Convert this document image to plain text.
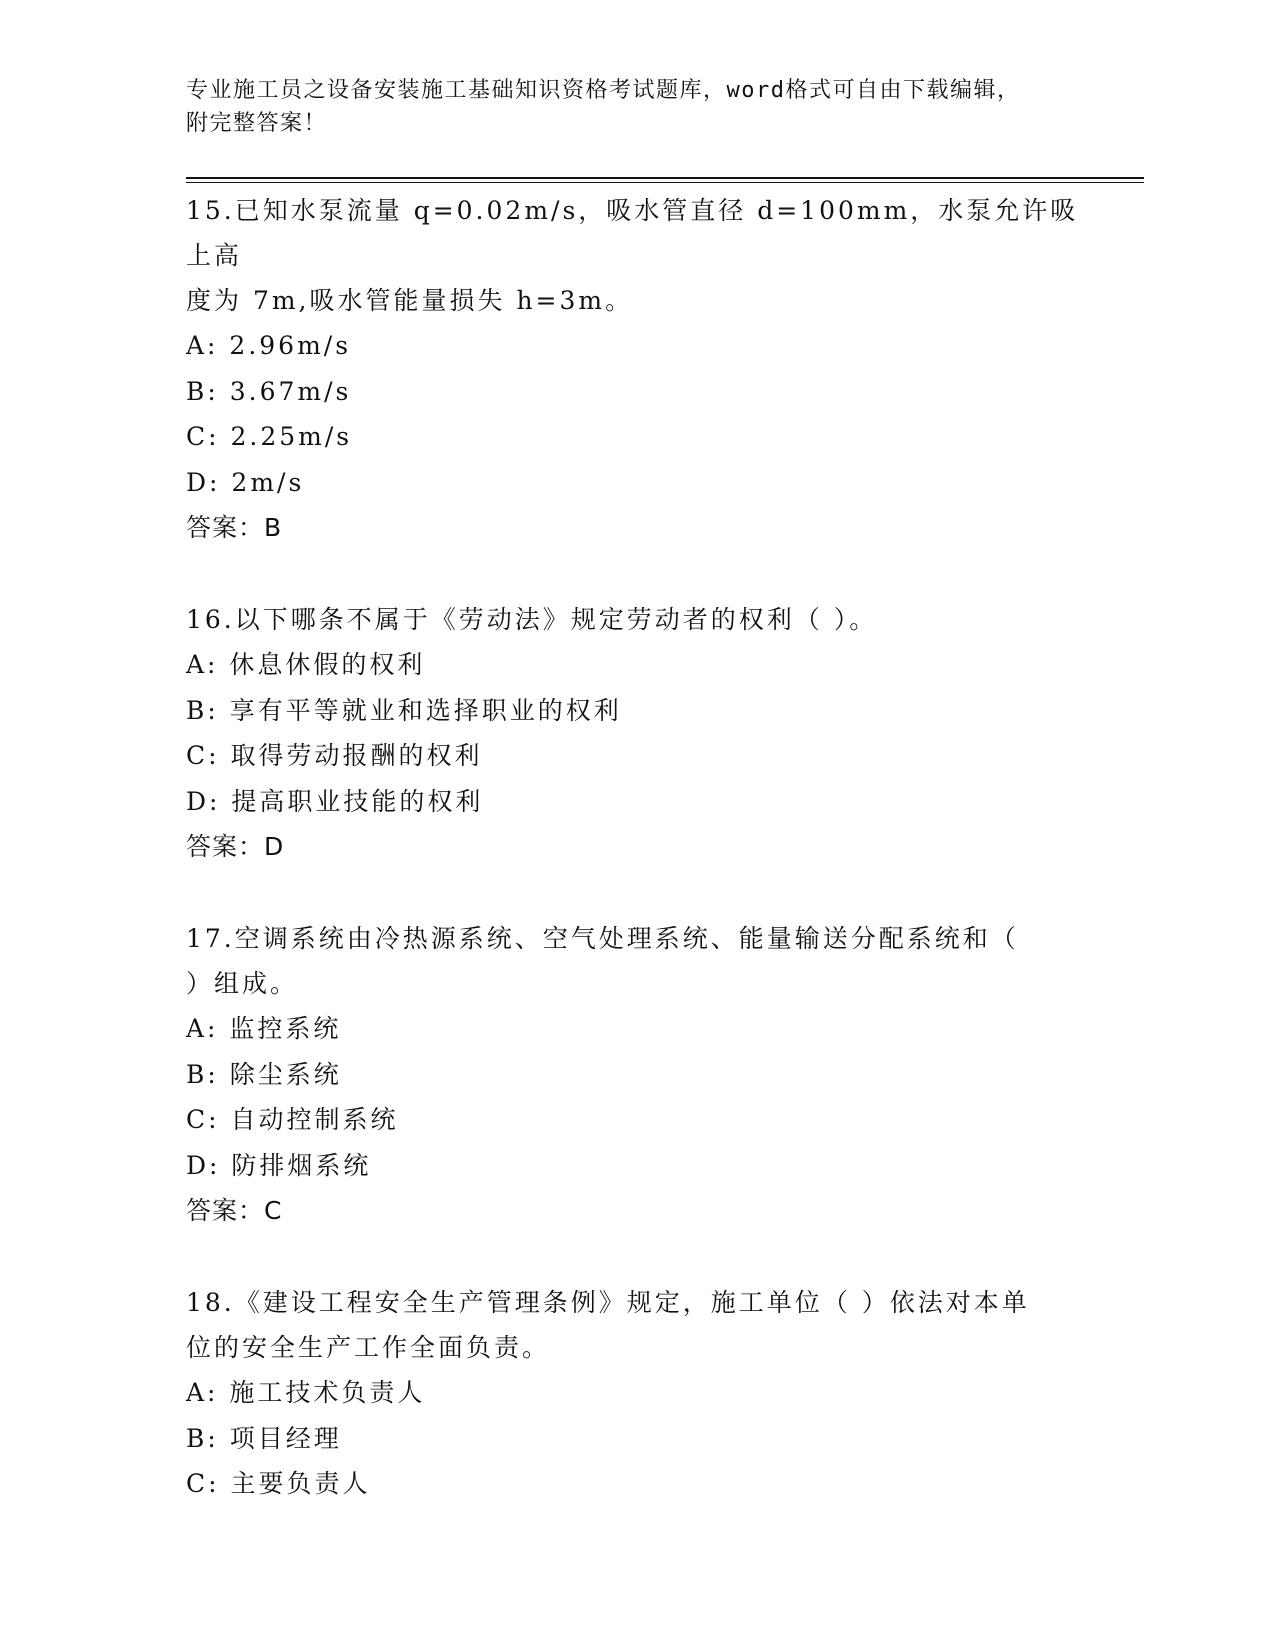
专业施工员之设备安装施工基础知识资格考试题库，word格式可自由下载编辑，
附完整答案！
15.已知水泵流量 q=0.02m/s，吸水管直径 d=100mm，水泵允许吸上高
度为 7m,吸水管能量损失 h=3m。
A: 2.96m/s
B: 3.67m/s
C: 2.25m/s
D: 2m/s
答案：B
16.以下哪条不属于《劳动法》规定劳动者的权利（ ）。
A: 休息休假的权利
B: 享有平等就业和选择职业的权利
C: 取得劳动报酬的权利
D: 提高职业技能的权利
答案：D
17.空调系统由冷热源系统、空气处理系统、能量输送分配系统和（
）组成。
A: 监控系统
B: 除尘系统
C: 自动控制系统
D: 防排烟系统
答案：C
18.《建设工程安全生产管理条例》规定，施工单位（ ）依法对本单
位的安全生产工作全面负责。
A: 施工技术负责人
B: 项目经理
C: 主要负责人
